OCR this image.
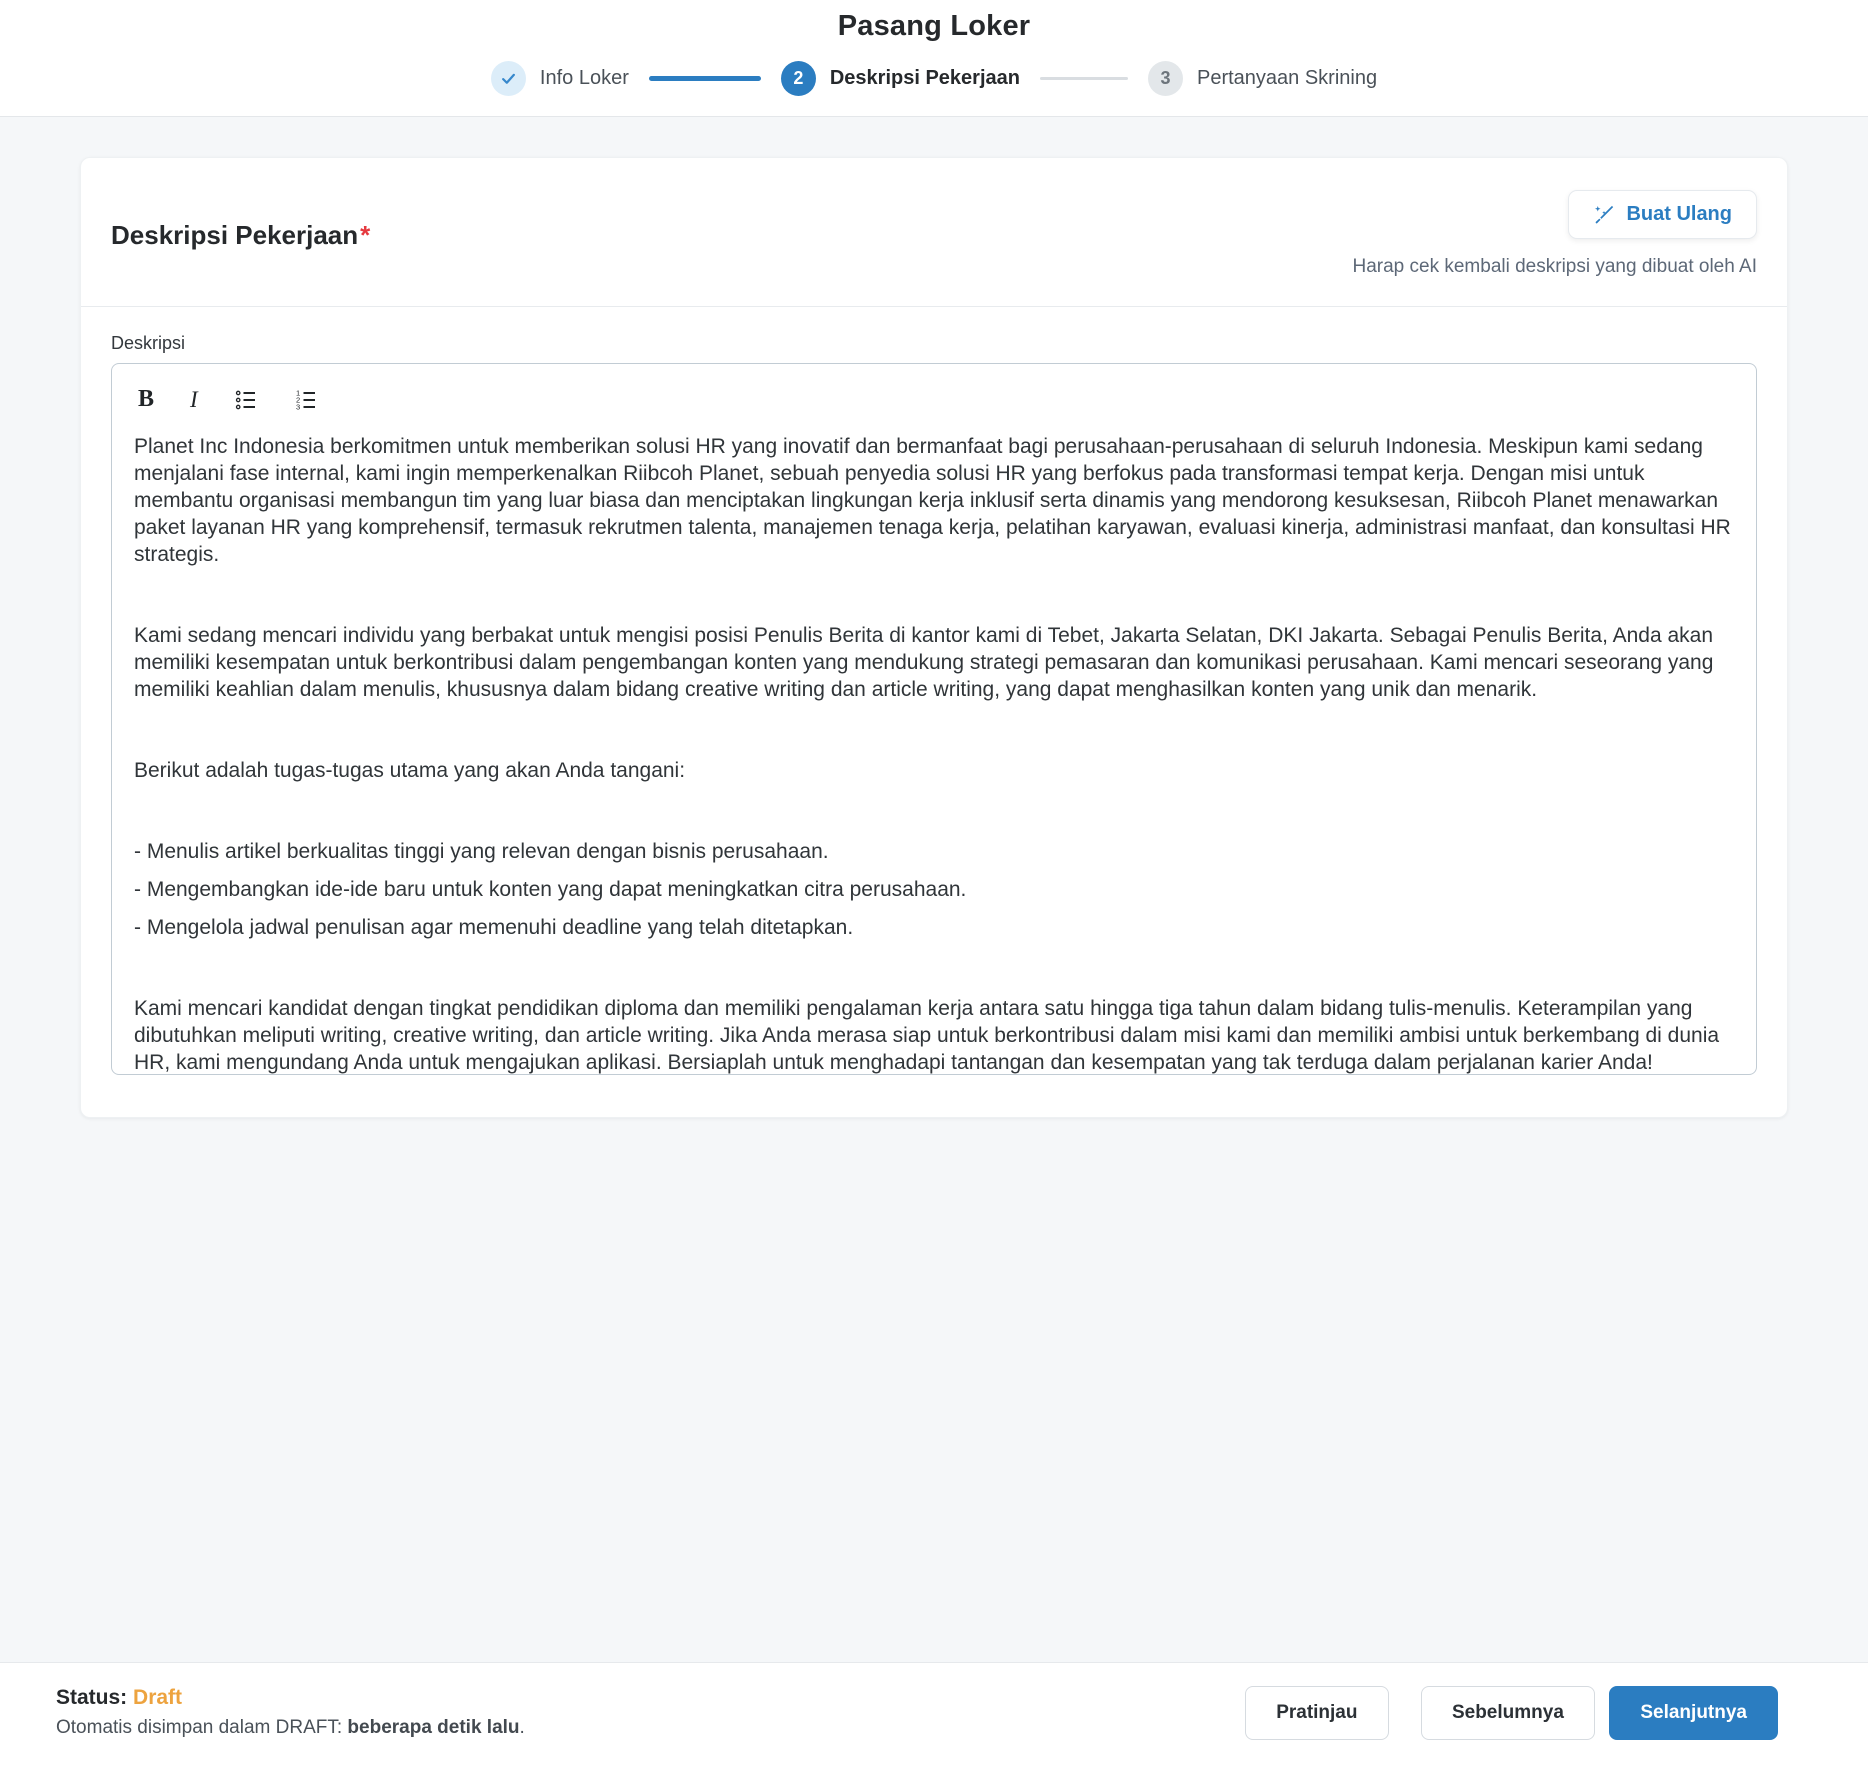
Pasang Loker
Info Loker	2	Deskripsi Pekerjaan	3	Pertanyaan Skrining
Deskripsi Pekerjaan*
Buat Ulang
Harap cek kembali deskripsi yang dibuat oleh AI
Deskripsi
B I	1
2
3

Planet Inc Indonesia berkomitmen untuk memberikan solusi HR yang inovatif dan bermanfaat bagi perusahaan-perusahaan di seluruh Indonesia. Meskipun kami sedang menjalani fase internal, kami ingin memperkenalkan Riibcoh Planet, sebuah penyedia solusi HR yang berfokus pada transformasi tempat kerja. Dengan misi untuk membantu organisasi membangun tim yang luar biasa dan menciptakan lingkungan kerja inklusif serta dinamis yang mendorong kesuksesan, Riibcoh Planet menawarkan paket layanan HR yang komprehensif, termasuk rekrutmen talenta, manajemen tenaga kerja, pelatihan karyawan, evaluasi kinerja, administrasi manfaat, dan konsultasi HR strategis.

Kami sedang mencari individu yang berbakat untuk mengisi posisi Penulis Berita di kantor kami di Tebet, Jakarta Selatan, DKI Jakarta. Sebagai Penulis Berita, Anda akan memiliki kesempatan untuk berkontribusi dalam pengembangan konten yang mendukung strategi pemasaran dan komunikasi perusahaan. Kami mencari seseorang yang memiliki keahlian dalam menulis, khususnya dalam bidang creative writing dan article writing, yang dapat menghasilkan konten yang unik dan menarik.

Berikut adalah tugas-tugas utama yang akan Anda tangani:

- Menulis artikel berkualitas tinggi yang relevan dengan bisnis perusahaan.

- Mengembangkan ide-ide baru untuk konten yang dapat meningkatkan citra perusahaan.

- Mengelola jadwal penulisan agar memenuhi deadline yang telah ditetapkan.

Kami mencari kandidat dengan tingkat pendidikan diploma dan memiliki pengalaman kerja antara satu hingga tiga tahun dalam bidang tulis-menulis. Keterampilan yang dibutuhkan meliputi writing, creative writing, dan article writing. Jika Anda merasa siap untuk berkontribusi dalam misi kami dan memiliki ambisi untuk berkembang di dunia HR, kami mengundang Anda untuk mengajukan aplikasi. Bersiaplah untuk menghadapi tantangan dan kesempatan yang tak terduga dalam perjalanan karier Anda!

Status: Draft
Otomatis disimpan dalam DRAFT: beberapa detik lalu.
Pratinjau	Sebelumnya	Selanjutnya
